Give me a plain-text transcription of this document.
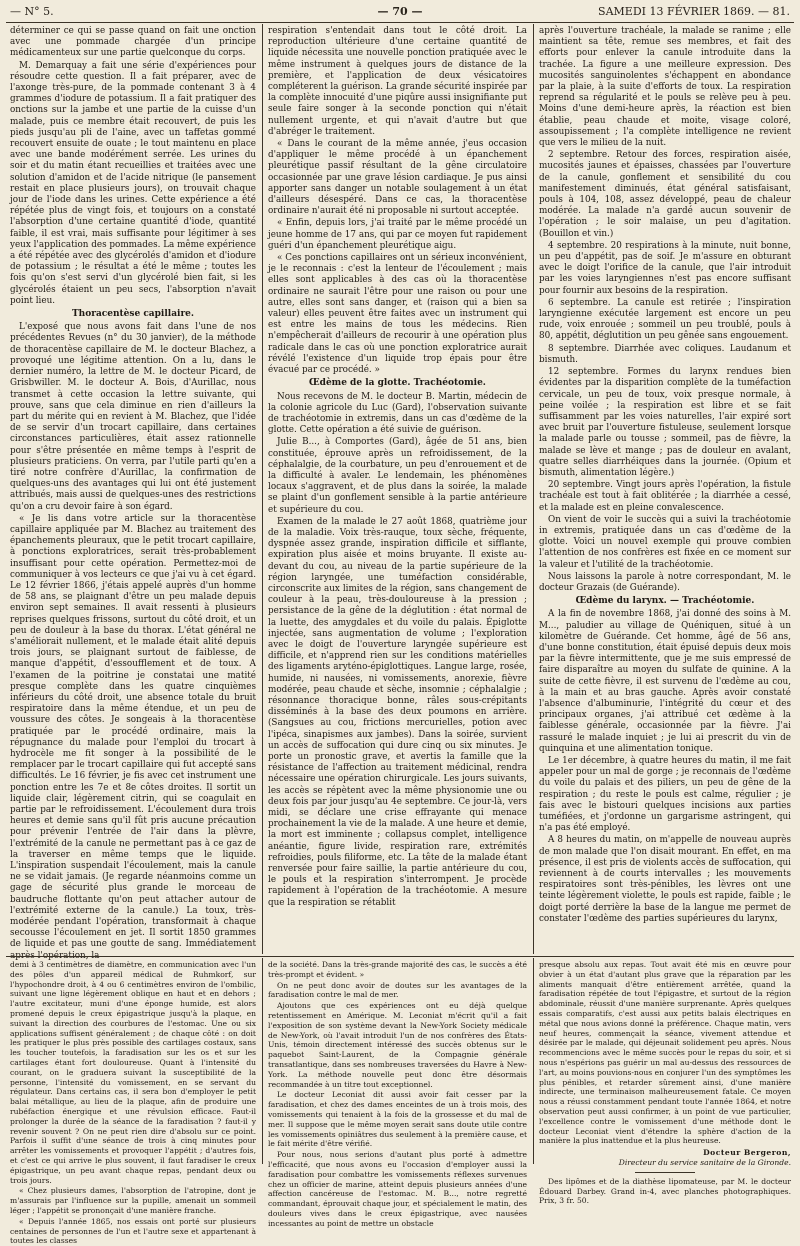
— N° 5.	— 70 —	SAMEDI 13 FÉVRIER 1869. — 81.

déterminer ce qui se passe quand on fait une onction avec une pommade chargée d'un principe médicamenteux sur une partie quelconque du corps.

M. Demarquay a fait une série d'expériences pour résoudre cette question. Il a fait préparer, avec de l'axonge très-pure, de la pommade contenant 3 à 4 grammes d'iodure de potassium. Il a fait pratiquer des onctions sur la jambe et une partie de la cuisse d'un malade, puis ce membre était recouvert, de puis les pieds jusqu'au pli de l'aine, avec un taffetas gommé recouvert ensuite de ouate ; le tout maintenu en place avec une bande modérément serrée. Les urines du soir et du matin étant recueillies et traitées avec une solution d'amidon et de l'acide nitrique (le pansement restait en place plusieurs jours), on trouvait chaque jour de l'iode dans les urines. Cette expérience a été répétée plus de vingt fois, et toujours on a constaté l'absorption d'une certaine quantité d'iode, quantité faible, il est vrai, mais suffisante pour légitimer à ses yeux l'application des pommades. La même expérience a été répétée avec des glycérolés d'amidon et d'iodure de potassium ; le résultat a été le même ; toutes les fois qu'on s'est servi d'un glycérolé bien fait, si les glycérolés étaient un peu secs, l'absorption n'avait point lieu.

Thoracentèse capillaire.

L'exposé que nous avons fait dans l'une de nos précédentes Revues (n° du 30 janvier), de la méthode de thoracentèse capillaire de M. le docteur Blachez, a provoqué une légitime attention. On a lu, dans le dernier numéro, la lettre de M. le docteur Picard, de Grisbwiller. M. le docteur A. Bois, d'Aurillac, nous transmet à cette occasion la lettre suivante, qui prouve, sans que cela diminue en rien d'ailleurs la part du mérite qui en revient à M. Blachez, que l'idée de se servir d'un trocart capillaire, dans certaines circonstances particulières, était assez rationnelle pour s'être présentée en même temps à l'esprit de plusieurs praticiens. On verra, par l'utile parti qu'en a tiré notre confrère d'Aurillac, la confirmation de quelques-uns des avantages qui lui ont été justement attribués, mais aussi de quelques-unes des restrictions qu'on a cru devoir faire à son égard.

« Je lis dans votre article sur la thoracentèse capillaire appliquée par M. Blachez au traitement des épanchements pleuraux, que le petit trocart capillaire, à ponctions exploratrices, serait très-probablement insuffisant pour cette opération. Permettez-moi de communiquer à vos lecteurs ce que j'ai vu à cet égard. Le 12 février 1866, j'étais appelé auprès d'un homme de 58 ans, se plaignant d'être un peu malade depuis environ sept semaines. Il avait ressenti à plusieurs reprises quelques frissons, surtout du côté droit, et un peu de douleur à la base du thorax. L'état général ne s'améliorait nullement, et le malade était alité depuis trois jours, se plaignant surtout de faiblesse, de manque d'appétit, d'essoufflement et de toux. A l'examen de la poitrine je constatai une matité presque complète dans les quatre cinquièmes inférieurs du côté droit, une absence totale du bruit respiratoire dans la même étendue, et un peu de voussure des côtes. Je songeais à la thoracentèse pratiquée par le procédé ordinaire, mais la répugnance du malade pour l'emploi du trocart à hydrocèle me fit songer à la possibilité de le remplacer par le trocart capillaire qui fut accepté sans difficultés. Le 16 février, je fis avec cet instrument une ponction entre les 7e et 8e côtes droites. Il sortit un liquide clair, légèrement citrin, qui se coagulait en partie par le refroidissement. L'écoulement dura trois heures et demie sans qu'il fût pris aucune précaution pour prévenir l'entrée de l'air dans la plèvre, l'extrémité de la canule ne permettant pas à ce gaz de la traverser en même temps que le liquide. L'inspiration suspendait l'écoulement, mais la canule ne se vidait jamais. (Je regarde néanmoins comme un gage de sécurité plus grande le morceau de baudruche flottante qu'on peut attacher autour de l'extrémité externe de la canule.) La toux, très-modérée pendant l'opération, transformait à chaque secousse l'écoulement en jet. Il sortit 1850 grammes de liquide et pas une goutte de sang. Immédiatement

respiration s'entendait dans tout le côté droit. La reproduction ultérieure d'une certaine quantité de liquide nécessita une nouvelle ponction pratiquée avec le même instrument à quelques jours de distance de la première, et l'application de deux vésicatoires compléterent la guérison. La grande sécurité inspirée par la complète innocuité d'une piqûre aussi insignifiante put seule faire songer à la seconde ponction qui n'était nullement urgente, et qui n'avait d'autre but que d'abréger le traitement.

« Dans le courant de la même année, j'eus occasion d'appliquer le même procédé à un épanchement pleurétique passif résultant de la gêne circulatoire occasionnée par une grave lésion cardiaque. Je pus ainsi apporter sans danger un notable soulagement à un état d'ailleurs désespéré. Dans ce cas, la thoracentèse ordinaire n'aurait été ni proposable ni surtout acceptée.

« Enfin, depuis lors, j'ai traité par le même procédé un jeune homme de 17 ans, qui par ce moyen fut rapidement guéri d'un épanchement pleurétique aigu.

« Ces ponctions capillaires ont un sérieux inconvénient, je le reconnais : c'est la lenteur de l'écoulement ; mais elles sont applicables à des cas où la thoracentèse ordinaire ne saurait l'être pour une raison ou pour une autre, elles sont sans danger, et (raison qui a bien sa valeur) elles peuvent être faites avec un instrument qui est entre les mains de tous les médecins. Rien n'empêcherait d'ailleurs de recourir à une opération plus radicale dans le cas où une ponction exploratrice aurait révélé l'existence d'un liquide trop épais pour être évacué par ce procédé. »

Œdème de la glotte. Trachéotomie.

Nous recevons de M. le docteur B. Martin, médecin de la colonie agricole du Luc (Gard), l'observation suivante de trachéotomie in extremis, dans un cas d'œdème de la glotte. Cette opération a été suivie de guérison.

Julie B..., à Comportes (Gard), âgée de 51 ans, bien constituée, éprouve après un refroidissement, de la céphalalgie, de la courbature, un peu d'enrouement et de la difficulté à avaler. Le lendemain, les phénomènes locaux s'aggravent, et de plus dans la soirée, la malade se plaint d'un gonflement sensible à la partie antérieure et supérieure du cou.

Examen de la malade le 27 août 1868, quatrième jour de la maladie. Voix très-rauque, toux sèche, fréquente, dyspnée assez grande, inspiration difficile et sifflante, expiration plus aisée et moins bruyante. Il existe au-devant du cou, au niveau de la partie supérieure de la région laryngée, une tuméfaction considérable, circonscrite aux limites de la région, sans changement de couleur à la peau, très-douloureuse à la pression ; persistance de la gêne de la déglutition : état normal de la luette, des amygdales et du voile du palais. Épiglotte injectée, sans augmentation de volume ; l'exploration avec le doigt de l'ouverture laryngée supérieure est difficile, et n'apprend rien sur les conditions matérielles des ligaments aryténo-épiglottiques. Langue large, rosée, humide, ni nausées, ni vomissements, anorexie, fièvre modérée, peau chaude et sèche, insomnie ; céphalalgie ; résonnance thoracique bonne, râles sous-crépitants disséminés à la base des deux poumons en arrière. (Sangsues au cou, frictions mercurielles, potion avec l'ipéca, sinapismes aux jambes). Dans la soirée, survient un accès de suffocation qui dure cinq ou six minutes. Je porte un pronostic grave, et avertis la famille que la résistance de l'affection au traitement médicinal, rendra nécessaire une opération chirurgicale. Les jours suivants, les accès se répètent avec la même physionomie une ou deux fois par jour jusqu'au 4e septembre. Ce jour-là, vers midi, se déclare une crise effrayante qui menace prochainement la vie de la malade. A une heure et demie, la mort est imminente ; collapsus complet, intelligence anéantie, figure livide, respiration rare, extrémités refroidies, pouls filiforme, etc. La tête de la malade étant renversée pour faire saillie, la partie antérieure du cou, le pouls et la respiration s'interrompent. Je procède rapidement à l'opération de la trachéotomie. A mesure que la respiration se rétablit

après l'ouverture trachéale, la malade se ranime ; elle maintient sa tête, remue ses membres, et fait des efforts pour enlever la canule introduite dans la trachée. La figure a une meilleure expression. Des mucosités sanguinolentes s'échappent en abondance par la plaie, à la suite d'efforts de toux. La respiration reprend sa régularité et le pouls se relève peu à peu. Moins d'une demi-heure après, la réaction est bien établie, peau chaude et moite, visage coloré, assoupissement ; l'a complète intelligence ne revient que vers le milieu de la nuit.

2 septembre. Retour des forces, respiration aisée, mucosités jaunes et épaisses, chassées par l'ouverture de la canule, gonflement et sensibilité du cou manifestement diminués, état général satisfaisant, pouls à 104, 108, assez développé, peau de chaleur modérée. La malade n'a gardé aucun souvenir de l'opération ; le soir malaise, un peu d'agitation. (Bouillon et vin.)

4 septembre. 20 respirations à la minute, nuit bonne, un peu d'appétit, pas de soif. Je m'assure en obturant avec le doigt l'orifice de la canule, que l'air introduit par les voies laryngiennes n'est pas encore suffisant pour fournir aux besoins de la respiration.

6 septembre. La canule est retirée ; l'inspiration laryngienne exécutée largement est encore un peu rude, voix enrouée ; sommeil un peu troublé, pouls à 80, appétit, déglutition un peu gênée sans engouement.

8 septembre. Diarrhée avec coliques. Laudanum et bismuth.

12 septembre. Formes du larynx rendues bien évidentes par la disparition complète de la tuméfaction cervicale, un peu de toux, voix presque normale, à peine voilée ; la respiration est libre et se fait suffisamment par les voies naturelles, l'air expiré sort avec bruit par l'ouverture fistuleuse, seulement lorsque la malade parle ou tousse ; sommeil, pas de fièvre, la malade se lève et mange ; pas de douleur en avalant, quatre selles diarrhéiques dans la journée. (Opium et bismuth, alimentation légère.)

20 septembre. Vingt jours après l'opération, la fistule trachéale est tout à fait oblitérée ; la diarrhée a cessé, et la malade est en pleine convalescence.

On vient de voir le succès qui a suivi la trachéotomie in extremis, pratiquée dans un cas d'œdème de la glotte. Voici un nouvel exemple qui prouve combien l'attention de nos confrères est fixée en ce moment sur la valeur et l'utilité de la trachéotomie.

Nous laissons la parole à notre correspondant, M. le docteur Grazais (de Guérande).

Œdème du larynx. — Trachéotomie.

A la fin de novembre 1868, j'ai donné des soins à M. M..., paludier au village de Quéniquen, situé à un kilomètre de Guérande. Cet homme, âgé de 56 ans, d'une bonne constitution, était épuisé depuis deux mois par la fièvre intermittente, que je me suis empressé de faire disparaître au moyen du sulfate de quinine. A la suite de cette fièvre, il est survenu de l'œdème au cou, à la main et au bras gauche. Après avoir constaté l'absence d'albuminurie, l'intégrité du cœur et des principaux organes, j'ai attribué cet œdème à la faiblesse générale, occasionnée par la fièvre. J'ai rassuré le malade inquiet ; je lui ai prescrit du vin de quinquina et une alimentation tonique.

Le 1er décembre, à quatre heures du matin, il me fait appeler pour un mal de gorge ; je reconnais de l'œdème du voile du palais et des piliers, un peu de gêne de la respiration ; du reste le pouls est calme, régulier ; je fais avec le bistouri quelques incisions aux parties tuméfiées, et j'ordonne un gargarisme astringent, qui n'a pas été employé.

A 8 heures du matin, on m'appelle de nouveau auprès de mon malade que l'on disait mourant. En effet, en ma présence, il est pris de violents accès de suffocation, qui reviennent à de courts intervalles ; les mouvements respiratoires sont très-pénibles, les lèvres ont une teinte légèrement violette, le pouls est rapide, faible ; le doigt porté derrière la base de la langue me permet de constater l'œdème des parties supérieures du larynx,

demi à 3 centimètres de diamètre, en communication avec l'un des pôles d'un appareil médical de Ruhmkorf, sur l'hypochondre droit, à 4 ou 6 centimètres environ de l'ombilic, suivant une ligne légèrement oblique en haut et en dehors ; l'autre excitateur, muni d'une éponge humide, est alors promené depuis le creux épigastrique jusqu'à la plaque, en suivant la direction des courbures de l'estomac. Une ou six applications suffisent généralement ; de chaque côté : on doit les pratiquer le plus près possible des cartilages costaux, sans les toucher toutefois, la faradisation sur les os et sur les cartilages étant fort douloureuse. Quant à l'intensité du courant, on le graduera suivant la susceptibilité de la personne, l'intensité du vomissement, en se servant du régulateur. Dans certains cas, il sera bon d'employer le petit balai métallique, au lieu de la plaque, afin de produire une rubéfaction énergique et une révulsion efficace. Faut-il prolonger la durée de la séance de la faradisation ? faut-il y revenir souvent ? On ne peut rien dire d'absolu sur ce point. Parfois il suffit d'une séance de trois à cinq minutes pour arrêter les vomissements et provoquer l'appétit ; d'autres fois, et c'est ce qui arrive le plus souvent, il faut faradiser le creux épigastrique, un peu avant chaque repas, pendant deux ou trois jours.

« Chez plusieurs dames, l'absorption de l'atropine, dont je m'assurais par l'influence sur la pupille, amenait un sommeil léger ; l'appétit se prononçait d'une manière franche.

« Depuis l'année 1865, nos essais ont porté sur plusieurs centaines de personnes de l'un et l'autre sexe et appartenant à toutes les classes

de la société. Dans la très-grande majorité des cas, le succès a été très-prompt et évident. »

On ne peut donc avoir de doutes sur les avantages de la faradisation contre le mal de mer.

Ajoutons que ces expériences ont eu déjà quelque retentissement en Amérique. M. Leconiat m'écrit qu'il a fait l'exposition de son système devant la New-York Society médicale de New-York, où l'avait introduit l'un de nos confrères des États-Unis, témoin directement intéressé des succès obtenus sur le paquebot Saint-Laurent, de la Compagnie générale transatlantique, dans ses nombreuses traversées du Havre à New-York. La méthode nouvelle peut donc être désormais recommandée à un titre tout exceptionnel.

Le docteur Leconiat dit aussi avoir fait cesser par la faradisation, et chez des dames enceintes de un à trois mois, des vomissements qui tenaient à la fois de la grossesse et du mal de mer. Il suppose que le même moyen serait sans doute utile contre les vomissements opiniâtres dus seulement à la première cause, et le fait mérite d'être vérifié.

Pour nous, nous serions d'autant plus porté à admettre l'efficacité, que nous avons eu l'occasion d'employer aussi la faradisation pour combattre les vomissements réflexes survenues chez un officier de marine, atteint depuis plusieurs années d'une affection cancéreuse de l'estomac. M. B..., notre regretté commandant, éprouvait chaque jour, et spécialement le matin, des douleurs vives dans le creux épigastrique, avec nausées incessantes au point de mettre un obstacle

presque absolu aux repas. Tout avait été mis en œuvre pour obvier à un état d'autant plus grave que la réparation par les aliments manquait d'être entièrement arrêtée, quand la faradisation répétée de tout l'épigastre, et surtout de la région abdominale, réussit d'une manière surprenante. Après quelques essais comparatifs, c'est aussi aux petits balais électriques en métal que nous avions donné la préférence. Chaque matin, vers neuf heures, commençait la séance, vivement attendue et désirée par le malade, qui déjeunait solidement peu après. Nous recommencions avec le même succès pour le repas du soir, et si nous n'espérions pas guérir un mal au-dessus des ressources de l'art, au moins pouvions-nous en conjurer l'un des symptômes les plus pénibles, et retarder sûrement ainsi, d'une manière indirecte, une terminaison malheureusement fatale. Ce moyen nous a réussi constamment pendant toute l'année 1864, et notre observation peut aussi confirmer, à un point de vue particulier, l'excellence contre le vomissement d'une méthode dont le docteur Leconiat vient d'étendre la sphère d'action de la manière la plus inattendue et la plus heureuse.

Docteur Bergeron,
Directeur du service sanitaire de la Gironde.

Des lipômes et de la diathèse lipomateuse, par M. le docteur Édouard Darbey. Grand in-4, avec planches photographiques. Prix, 3 fr. 50.
